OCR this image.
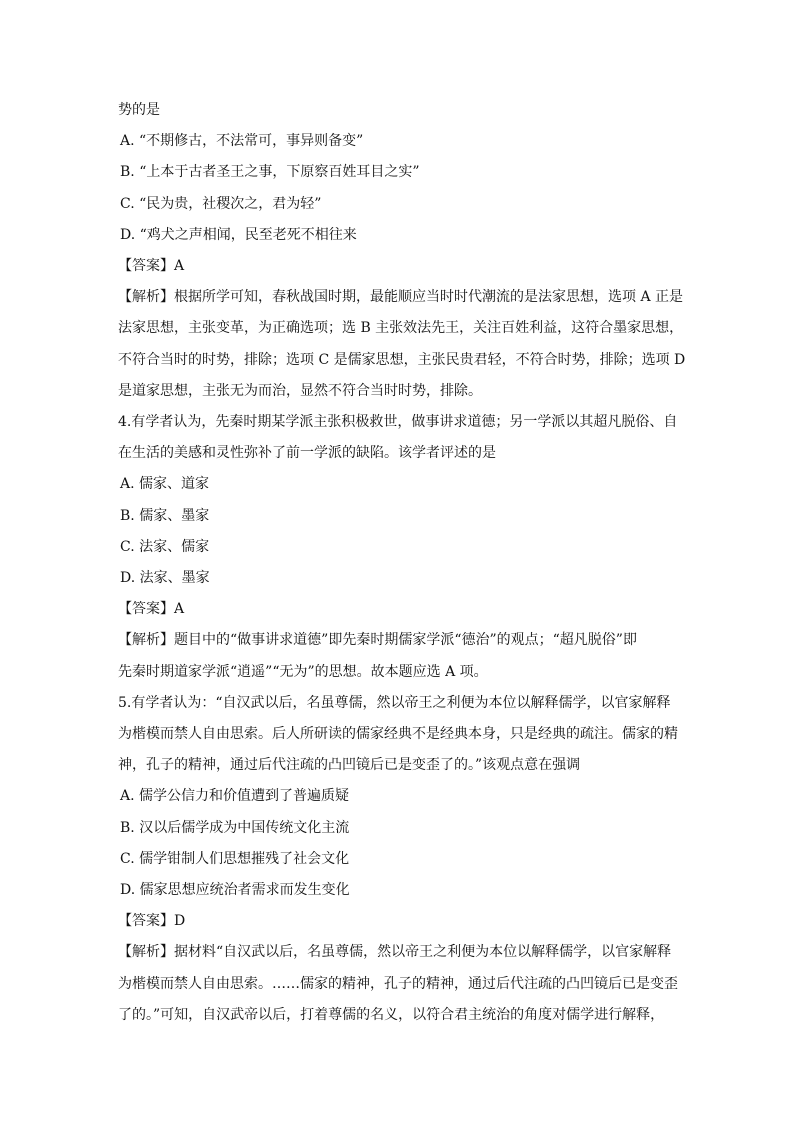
势的是
A. “不期修古，不法常可，事异则备变”
B. “上本于古者圣王之事，下原察百姓耳目之实”
C. “民为贵，社稷次之，君为轻”
D. “鸡犬之声相闻，民至老死不相往来
【答案】A
【解析】根据所学可知，春秋战国时期，最能顺应当时时代潮流的是法家思想，选项 A 正是
法家思想，主张变革，为正确选项；选 B 主张效法先王，关注百姓利益，这符合墨家思想，
不符合当时的时势，排除；选项 C 是儒家思想，主张民贵君轻，不符合时势，排除；选项 D
是道家思想，主张无为而治，显然不符合当时时势，排除。
4.有学者认为，先秦时期某学派主张积极救世，做事讲求道德；另一学派以其超凡脱俗、自
在生活的美感和灵性弥补了前一学派的缺陷。该学者评述的是
A. 儒家、道家
B. 儒家、墨家
C. 法家、儒家
D. 法家、墨家
【答案】A
【解析】题目中的“做事讲求道德”即先秦时期儒家学派“德治”的观点；“超凡脱俗”即
先秦时期道家学派“逍遥”“无为”的思想。故本题应选 A 项。
5.有学者认为：“自汉武以后，名虽尊儒，然以帝王之利便为本位以解释儒学，以官家解释
为楷模而禁人自由思索。后人所研读的儒家经典不是经典本身，只是经典的疏注。儒家的精
神，孔子的精神，通过后代注疏的凸凹镜后已是变歪了的。”该观点意在强调
A. 儒学公信力和价值遭到了普遍质疑
B. 汉以后儒学成为中国传统文化主流
C. 儒学钳制人们思想摧残了社会文化
D. 儒家思想应统治者需求而发生变化
【答案】D
【解析】据材料“自汉武以后，名虽尊儒，然以帝王之利便为本位以解释儒学，以官家解释
为楷模而禁人自由思索。……儒家的精神，孔子的精神，通过后代注疏的凸凹镜后已是变歪
了的。”可知，自汉武帝以后，打着尊儒的名义，以符合君主统治的角度对儒学进行解释，
